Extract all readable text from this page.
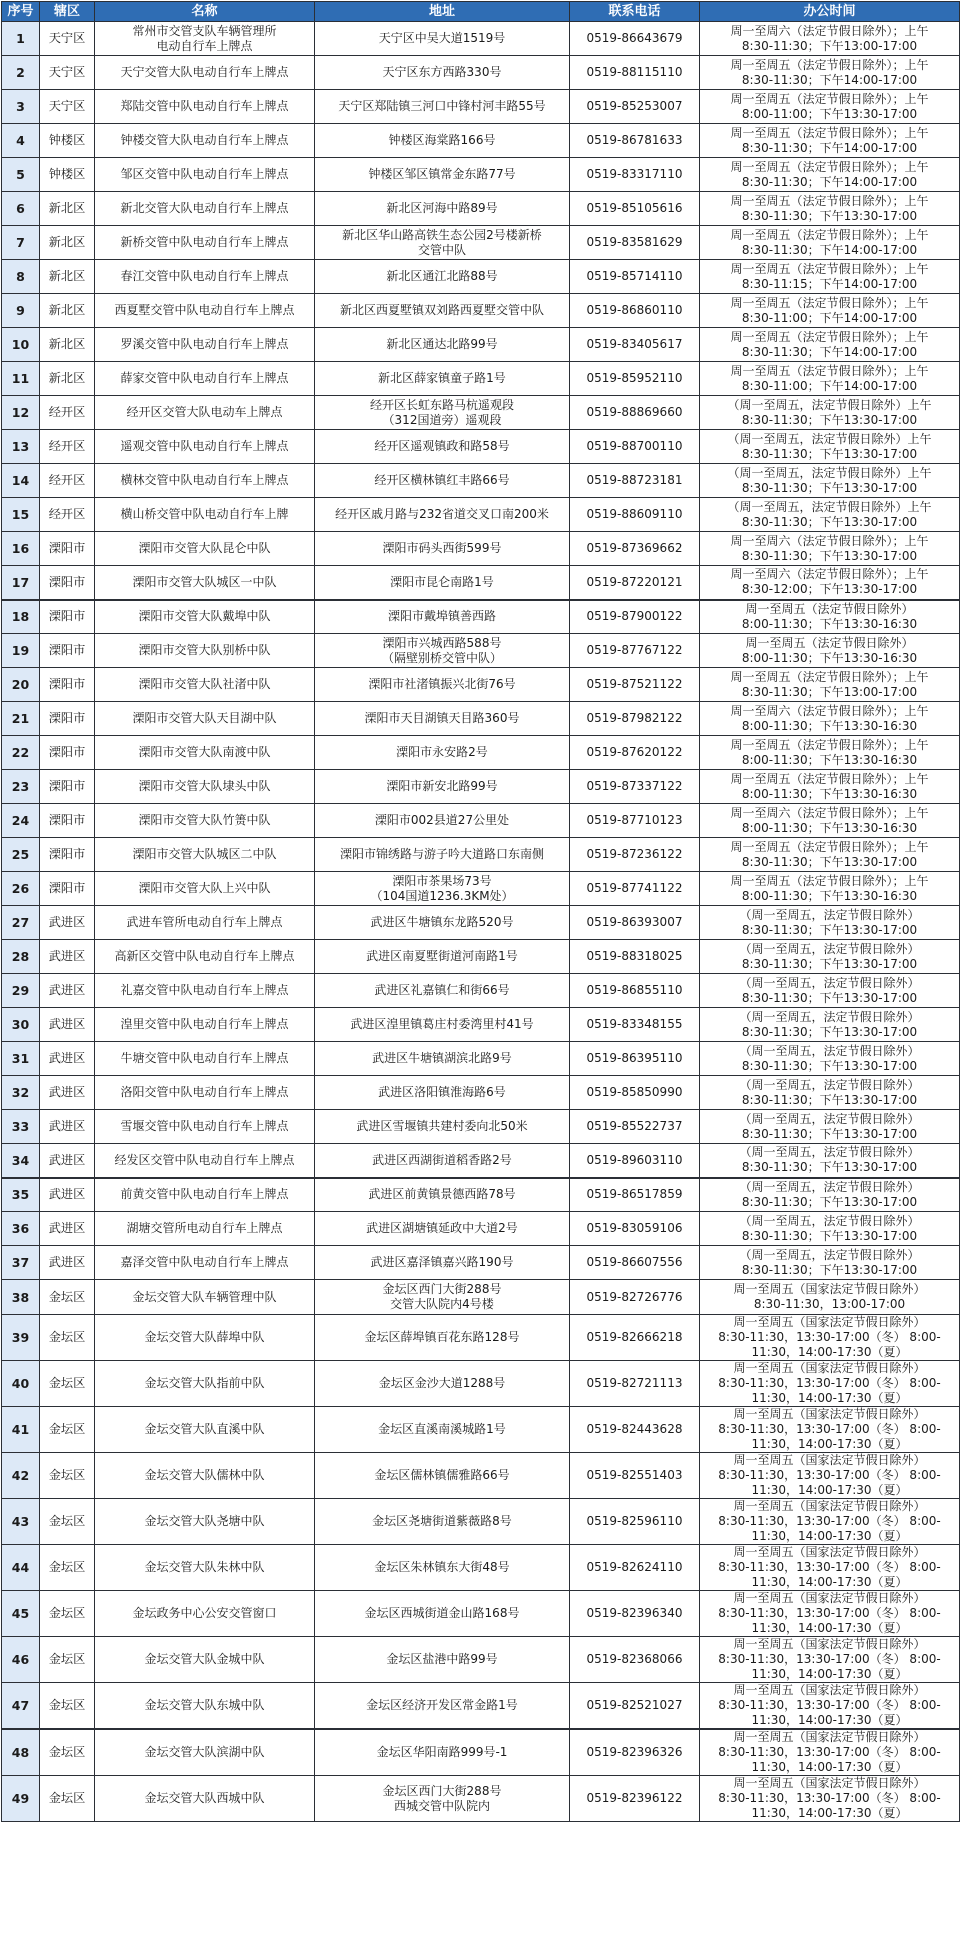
序号	辖区	名称	地址	联系电话	办公时间
1	天宁区	常州市交管支队车辆管理所
电动自行车上牌点	天宁区中吴大道1519号	0519-86643679	周一至周六（法定节假日除外）；上午
8:30-11:30；下午13:00-17:00
2	天宁区	天宁交管大队电动自行车上牌点	天宁区东方西路330号	0519-88115110	周一至周五（法定节假日除外）；上午
8:30-11:30；下午14:00-17:00
3	天宁区	郑陆交管中队电动自行车上牌点	天宁区郑陆镇三河口中锋村河丰路55号	0519-85253007	周一至周五（法定节假日除外）；上午
8:00-11:00；下午13:30-17:00
4	钟楼区	钟楼交管大队电动自行车上牌点	钟楼区海棠路166号	0519-86781633	周一至周五（法定节假日除外）；上午
8:30-11:30；下午14:00-17:00
5	钟楼区	邹区交管中队电动自行车上牌点	钟楼区邹区镇常金东路77号	0519-83317110	周一至周五（法定节假日除外）；上午
8:30-11:30；下午14:00-17:00
6	新北区	新北交管大队电动自行车上牌点	新北区河海中路89号	0519-85105616	周一至周五（法定节假日除外）；上午
8:30-11:30；下午13:30-17:00
7	新北区	新桥交管中队电动自行车上牌点	新北区华山路高铁生态公园2号楼新桥
交管中队	0519-83581629	周一至周五（法定节假日除外）；上午
8:30-11:30；下午14:00-17:00
8	新北区	春江交管中队电动自行车上牌点	新北区通江北路88号	0519-85714110	周一至周五（法定节假日除外）；上午
8:30-11:15；下午14:00-17:00
9	新北区	西夏墅交管中队电动自行车上牌点	新北区西夏墅镇双刘路西夏墅交管中队	0519-86860110	周一至周五（法定节假日除外）；上午
8:30-11:00；下午14:00-17:00
10	新北区	罗溪交管中队电动自行车上牌点	新北区通达北路99号	0519-83405617	周一至周五（法定节假日除外）；上午
8:30-11:30；下午14:00-17:00
11	新北区	薛家交管中队电动自行车上牌点	新北区薛家镇童子路1号	0519-85952110	周一至周五（法定节假日除外）；上午
8:30-11:00；下午14:00-17:00
12	经开区	经开区交管大队电动车上牌点	经开区长虹东路马杭遥观段
（312国道旁）遥观段	0519-88869660	（周一至周五，法定节假日除外）上午
8:30-11:30；下午13:30-17:00
13	经开区	遥观交管中队电动自行车上牌点	经开区遥观镇政和路58号	0519-88700110	（周一至周五，法定节假日除外）上午
8:30-11:30；下午13:30-17:00
14	经开区	横林交管中队电动自行车上牌点	经开区横林镇红丰路66号	0519-88723181	（周一至周五，法定节假日除外）上午
8:30-11:30；下午13:30-17:00
15	经开区	横山桥交管中队电动自行车上牌	经开区戚月路与232省道交叉口南200米	0519-88609110	（周一至周五，法定节假日除外）上午
8:30-11:30；下午13:30-17:00
16	溧阳市	溧阳市交管大队昆仑中队	溧阳市码头西街599号	0519-87369662	周一至周六（法定节假日除外）；上午
8:30-11:30；下午13:30-17:00
17	溧阳市	溧阳市交管大队城区一中队	溧阳市昆仑南路1号	0519-87220121	周一至周六（法定节假日除外）；上午
8:30-12:00；下午13:30-17:00
18	溧阳市	溧阳市交管大队戴埠中队	溧阳市戴埠镇善西路	0519-87900122	周一至周五（法定节假日除外）
8:00-11:30；下午13:30-16:30
19	溧阳市	溧阳市交管大队别桥中队	溧阳市兴城西路588号
（隔壁别桥交管中队）	0519-87767122	周一至周五（法定节假日除外）
8:00-11:30；下午13:30-16:30
20	溧阳市	溧阳市交管大队社渚中队	溧阳市社渚镇振兴北街76号	0519-87521122	周一至周五（法定节假日除外）；上午
8:30-11:30；下午13:00-17:00
21	溧阳市	溧阳市交管大队天目湖中队	溧阳市天目湖镇天目路360号	0519-87982122	周一至周六（法定节假日除外）；上午
8:00-11:30；下午13:30-16:30
22	溧阳市	溧阳市交管大队南渡中队	溧阳市永安路2号	0519-87620122	周一至周五（法定节假日除外）；上午
8:00-11:30；下午13:30-16:30
23	溧阳市	溧阳市交管大队埭头中队	溧阳市新安北路99号	0519-87337122	周一至周五（法定节假日除外）；上午
8:00-11:30；下午13:30-16:30
24	溧阳市	溧阳市交管大队竹箦中队	溧阳市002县道27公里处	0519-87710123	周一至周六（法定节假日除外）；上午
8:00-11:30；下午13:30-16:30
25	溧阳市	溧阳市交管大队城区二中队	溧阳市锦绣路与游子吟大道路口东南侧	0519-87236122	周一至周五（法定节假日除外）；上午
8:30-11:30；下午13:30-17:00
26	溧阳市	溧阳市交管大队上兴中队	溧阳市茶果场73号
（104国道1236.3KM处）	0519-87741122	周一至周五（法定节假日除外）；上午
8:00-11:30；下午13:30-16:30
27	武进区	武进车管所电动自行车上牌点	武进区牛塘镇东龙路520号	0519-86393007	（周一至周五，法定节假日除外）
8:30-11:30；下午13:30-17:00
28	武进区	高新区交管中队电动自行车上牌点	武进区南夏墅街道河南路1号	0519-88318025	（周一至周五，法定节假日除外）
8:30-11:30；下午13:30-17:00
29	武进区	礼嘉交管中队电动自行车上牌点	武进区礼嘉镇仁和街66号	0519-86855110	（周一至周五，法定节假日除外）
8:30-11:30；下午13:30-17:00
30	武进区	湟里交管中队电动自行车上牌点	武进区湟里镇葛庄村委湾里村41号	0519-83348155	（周一至周五，法定节假日除外）
8:30-11:30；下午13:30-17:00
31	武进区	牛塘交管中队电动自行车上牌点	武进区牛塘镇湖滨北路9号	0519-86395110	（周一至周五，法定节假日除外）
8:30-11:30；下午13:30-17:00
32	武进区	洛阳交管中队电动自行车上牌点	武进区洛阳镇淮海路6号	0519-85850990	（周一至周五，法定节假日除外）
8:30-11:30；下午13:30-17:00
33	武进区	雪堰交管中队电动自行车上牌点	武进区雪堰镇共建村委向北50米	0519-85522737	（周一至周五，法定节假日除外）
8:30-11:30；下午13:30-17:00
34	武进区	经发区交管中队电动自行车上牌点	武进区西湖街道稻香路2号	0519-89603110	（周一至周五，法定节假日除外）
8:30-11:30；下午13:30-17:00
35	武进区	前黄交管中队电动自行车上牌点	武进区前黄镇景德西路78号	0519-86517859	（周一至周五，法定节假日除外）
8:30-11:30；下午13:30-17:00
36	武进区	湖塘交管所电动自行车上牌点	武进区湖塘镇延政中大道2号	0519-83059106	（周一至周五，法定节假日除外）
8:30-11:30；下午13:30-17:00
37	武进区	嘉泽交管中队电动自行车上牌点	武进区嘉泽镇嘉兴路190号	0519-86607556	（周一至周五，法定节假日除外）
8:30-11:30；下午13:30-17:00
38	金坛区	金坛交管大队车辆管理中队	金坛区西门大街288号
交管大队院内4号楼	0519-82726776	周一至周五（国家法定节假日除外）
8:30-11:30，13:00-17:00
39	金坛区	金坛交管大队薛埠中队	金坛区薛埠镇百花东路128号	0519-82666218	周一至周五（国家法定节假日除外）
8:30-11:30，13:30-17:00（冬） 8:00-
11:30，14:00-17:30（夏）
40	金坛区	金坛交管大队指前中队	金坛区金沙大道1288号	0519-82721113	周一至周五（国家法定节假日除外）
8:30-11:30，13:30-17:00（冬） 8:00-
11:30，14:00-17:30（夏）
41	金坛区	金坛交管大队直溪中队	金坛区直溪南溪城路1号	0519-82443628	周一至周五（国家法定节假日除外）
8:30-11:30，13:30-17:00（冬） 8:00-
11:30，14:00-17:30（夏）
42	金坛区	金坛交管大队儒林中队	金坛区儒林镇儒雅路66号	0519-82551403	周一至周五（国家法定节假日除外）
8:30-11:30，13:30-17:00（冬） 8:00-
11:30，14:00-17:30（夏）
43	金坛区	金坛交管大队尧塘中队	金坛区尧塘街道紫薇路8号	0519-82596110	周一至周五（国家法定节假日除外）
8:30-11:30，13:30-17:00（冬） 8:00-
11:30，14:00-17:30（夏）
44	金坛区	金坛交管大队朱林中队	金坛区朱林镇东大街48号	0519-82624110	周一至周五（国家法定节假日除外）
8:30-11:30，13:30-17:00（冬） 8:00-
11:30，14:00-17:30（夏）
45	金坛区	金坛政务中心公安交管窗口	金坛区西城街道金山路168号	0519-82396340	周一至周五（国家法定节假日除外）
8:30-11:30，13:30-17:00（冬） 8:00-
11:30，14:00-17:30（夏）
46	金坛区	金坛交管大队金城中队	金坛区盐港中路99号	0519-82368066	周一至周五（国家法定节假日除外）
8:30-11:30，13:30-17:00（冬） 8:00-
11:30，14:00-17:30（夏）
47	金坛区	金坛交管大队东城中队	金坛区经济开发区常金路1号	0519-82521027	周一至周五（国家法定节假日除外）
8:30-11:30，13:30-17:00（冬） 8:00-
11:30，14:00-17:30（夏）
48	金坛区	金坛交管大队滨湖中队	金坛区华阳南路999号-1	0519-82396326	周一至周五（国家法定节假日除外）
8:30-11:30，13:30-17:00（冬） 8:00-
11:30，14:00-17:30（夏）
49	金坛区	金坛交管大队西城中队	金坛区西门大街288号
西城交管中队院内	0519-82396122	周一至周五（国家法定节假日除外）
8:30-11:30，13:30-17:00（冬） 8:00-
11:30，14:00-17:30（夏）
